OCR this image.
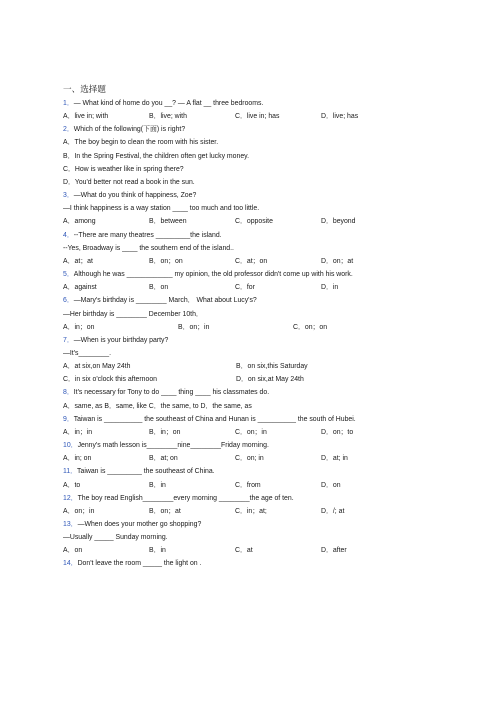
一、选择题
1．— What kind of home do you __? — A flat __ three bedrooms.
A．live in; with	B．live; with	C．live in; has	D．live; has
2．Which of the following(下面) is right?
A．The boy begin to clean the room with his sister.
B．In the Spring Festival, the children often get lucky money.
C．How is weather like in spring there?
D．You'd better not read a book in the sun.
3．—What do you think of happiness, Zoe?
—I think happiness is a way station ____ too much and too little.
A．among	B．between	C．opposite	D．beyond
4．--There are many theatres _________the island.
--Yes, Broadway is ____ the southern end of the island..
A．at；at	B．on；on	C．at；on	D．on；at
5．Although he was ____________ my opinion, the old professor didn't come up with his work.
A．against	B．on	C．for	D．in
6．—Mary's birthday is ________ March． What about Lucy's?
—Her birthday is ________ December 10th．
A．in；on	B．on；in	C．on；on
7．—When is your birthday party?
—It's________.
A．at six,on May 24th	B．on six,this Saturday
C．in six o'clock this afternoon	D．on six,at May 24th
8．It's necessary for Tony to do ____ thing ____ his classmates do.
A．same, as B．same, like C．the same, to D．the same, as
9．Taiwan is __________ the southeast of China and Hunan is __________ the south of Hubei.
A．in；in	B．in；on	C．on；in	D．on；to
10．Jenny's math lesson is________nine________Friday morning.
A．in; on	B．at; on	C．on; in	D．at; in
11．Taiwan is _________ the southeast of China.
A．to	B．in	C．from	D．on
12．The boy read English________every morning ________the age of ten.
A．on；in	B．on；at	C．in；at;	D．/; at
13．—When does your mother go shopping?
—Usually _____ Sunday morning.
A．on	B．in	C．at	D．after
14．Don't leave the room _____ the light on .
